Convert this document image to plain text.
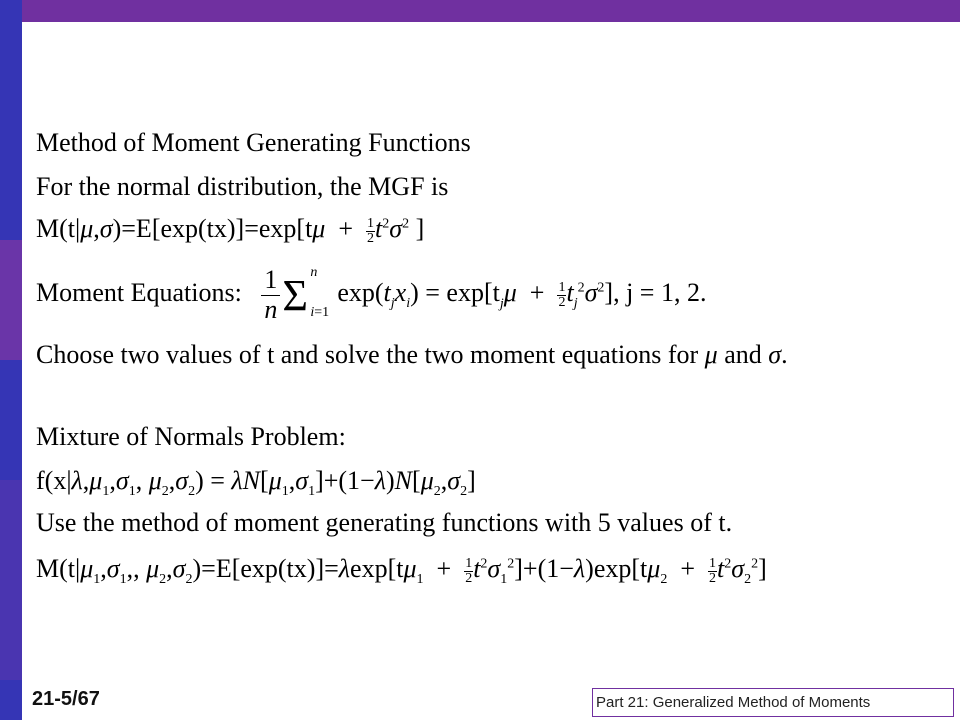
Method of Moment Generating Functions
For the normal distribution, the MGF is
$M(t|\mu,\sigma)=E[\exp(tx)]=\exp[t\mu + \frac{1}{2} t^2\sigma^2$ ]
Moment Equations: $\frac{1}{n}$ Σ n
i=1
$\exp(t_jx_i) = \exp[t_j\mu + \frac{1}{2} t_j^2\sigma^2]$, j = 1, 2.
Choose two values of t and solve the two moment equations for μ and σ.
Mixture of Normals Problem:
$f(x|\lambda,\mu_1,\sigma_1$, $\mu_2,\sigma_2) = \lambda N[\mu_1,\sigma_1]+(1-\lambda)N[\mu_2,\sigma_2]$
Use the method of moment generating functions with 5 values of t.
$M(t|\mu_1,\sigma_1$,, $\mu_2,\sigma_2)=E[\exp(tx)]=\lambda\exp[t\mu_1 + \frac{1}{2} t^2\sigma_1^2]+(1-\lambda)\exp[t\mu_2 + \frac{1}{2} t^2\sigma_2^2]$
21-5/67	Part 21: Generalized Method of Moments
